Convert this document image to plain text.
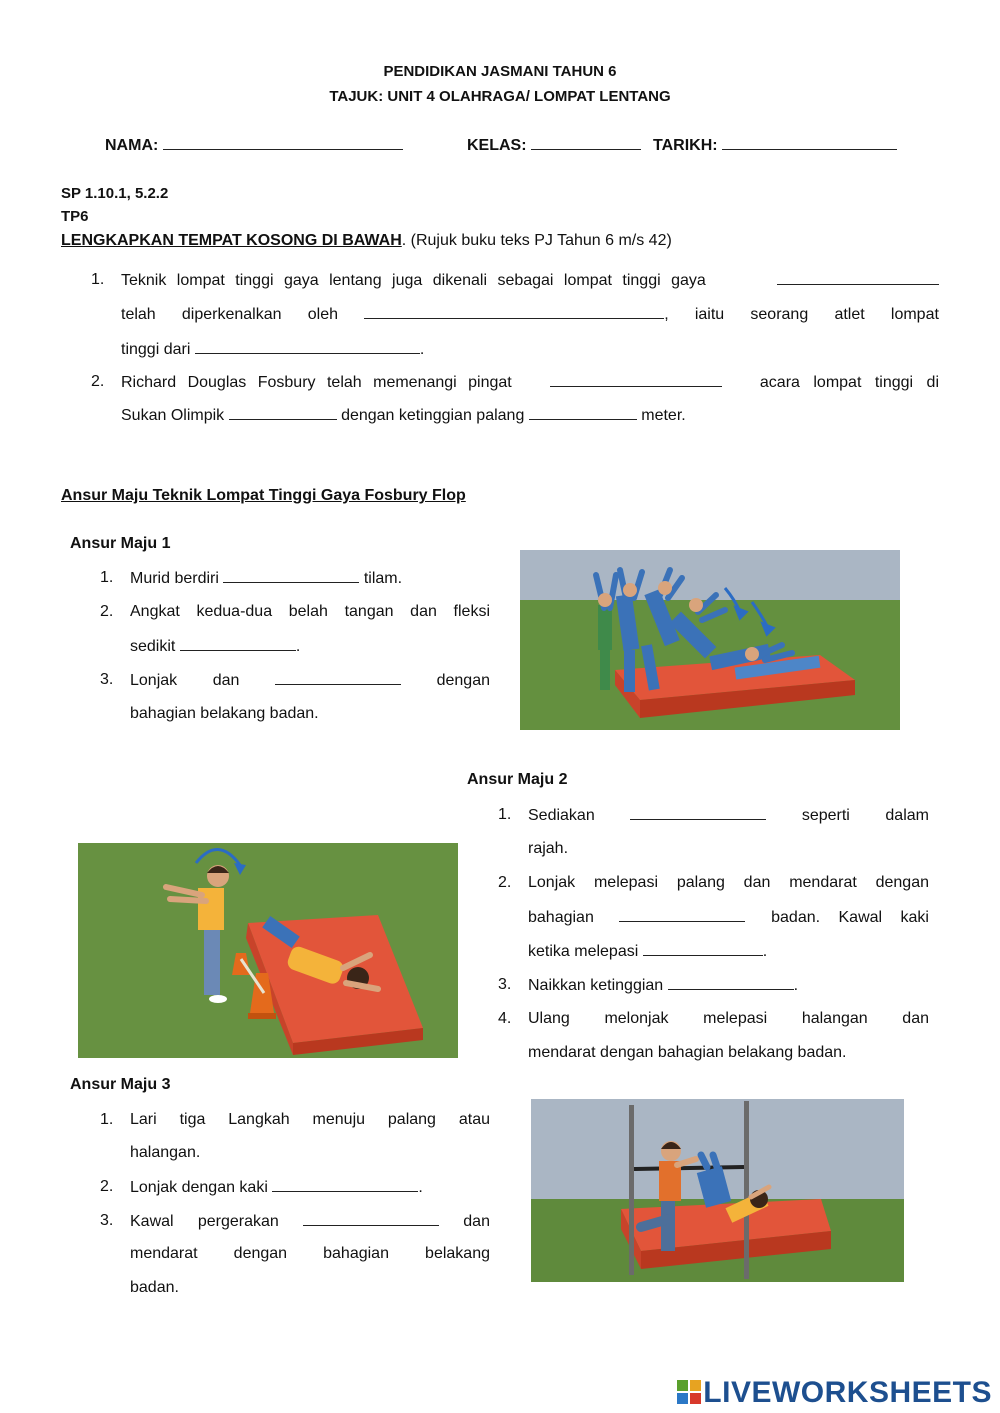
PENDIDIKAN JASMANI TAHUN 6
TAJUK: UNIT 4 OLAHRAGA/ LOMPAT LENTANG
NAMA:	KELAS:	TARIKH:
SP 1.10.1, 5.2.2
TP6
LENGKAPKAN TEMPAT KOSONG DI BAWAH. (Rujuk buku teks PJ Tahun 6 m/s 42)
1. Teknik lompat tinggi gaya lentang juga dikenali sebagai lompat tinggi gaya
telah diperkenalkan oleh	, iaitu seorang atlet lompat
tinggi dari	.
2. Richard Douglas Fosbury telah memenangi pingat	acara lompat tinggi di
Sukan Olimpik	dengan ketinggian palang	meter.
Ansur Maju Teknik Lompat Tinggi Gaya Fosbury Flop
Ansur Maju 1
1. Murid berdiri	tilam.
2. Angkat kedua-dua belah tangan dan fleksi
sedikit	.
3. Lonjak dan	dengan
bahagian belakang badan.
Ansur Maju 2
1. Sediakan	seperti dalam
rajah.
2. Lonjak melepasi palang dan mendarat dengan
bahagian	badan. Kawal kaki
ketika melepasi	.
3. Naikkan ketinggian	.
4. Ulang melonjak melepasi halangan dan
mendarat dengan bahagian belakang badan.
Ansur Maju 3
1. Lari tiga Langkah menuju palang atau
halangan.
2. Lonjak dengan kaki	.
3. Kawal pergerakan	dan
mendarat dengan bahagian belakang
badan.
LIVEWORKSHEETS
